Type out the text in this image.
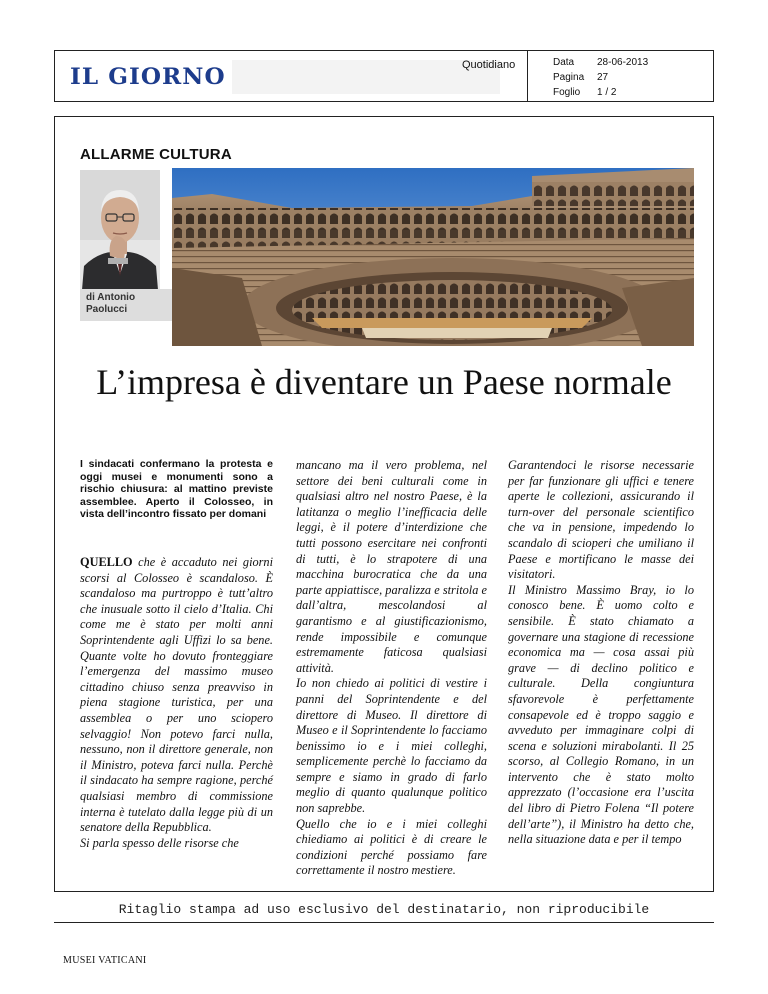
IL GIORNO	Quotidiano	Data 28-06-2013
Pagina 27
Foglio 1 / 2
ALLARME CULTURA
di Antonio Paolucci
L’impresa è diventare un Paese normale
I sindacati confermano la protesta e oggi musei e monumenti sono a rischio chiusura: al mattino previste assemblee. Aperto il Colosseo, in vista dell’incontro fissato per domani

QUELLO che è accaduto nei giorni scorsi al Colosseo è scandaloso. È scandaloso ma purtroppo è tutt’altro che inusuale sotto il cielo d’Italia. Chi come me è stato per molti anni Soprintendente agli Uffizi lo sa bene. Quante volte ho dovuto fronteggiare l’emergenza del massimo museo cittadino chiuso senza preavviso in piena stagione turistica, per una assemblea o per uno sciopero selvaggio! Non potevo farci nulla, nessuno, non il direttore generale, non il Ministro, poteva farci nulla. Perchè il sindacato ha sempre ragione, perché qualsiasi membro di commissione interna è tutelato dalla legge più di un senatore della Repubblica.

Si parla spesso delle risorse che

mancano ma il vero problema, nel settore dei beni culturali come in qualsiasi altro nel nostro Paese, è la latitanza o meglio l’inefficacia delle leggi, è il potere d’interdizione che tutti possono esercitare nei confronti di tutti, è lo strapotere di una macchina burocratica che da una parte appiattisce, paralizza e stritola e dall’altra, mescolandosi al garantismo e al giustificazionismo, rende impossibile e comunque estremamente faticosa qualsiasi attività.

Io non chiedo ai politici di vestire i panni del Soprintendente e del direttore di Museo. Il direttore di Museo e il Soprintendente lo facciamo benissimo io e i miei colleghi, semplicemente perchè lo facciamo da sempre e siamo in grado di farlo meglio di quanto qualunque politico non saprebbe.

Quello che io e i miei colleghi chiediamo ai politici è di creare le condizioni perché possiamo fare correttamente il nostro mestiere.

Garantendoci le risorse necessarie per far funzionare gli uffici e tenere aperte le collezioni, assicurando il turn-over del personale scientifico che va in pensione, impedendo lo scandalo di scioperi che umiliano il Paese e mortificano le masse dei visitatori.

Il Ministro Massimo Bray, io lo conosco bene. È uomo colto e sensibile. È stato chiamato a governare una stagione di recessione economica ma — cosa assai più grave — di declino politico e culturale. Della congiuntura sfavorevole è perfettamente consapevole ed è troppo saggio e avveduto per immaginare colpi di scena e soluzioni mirabolanti. Il 25 scorso, al Collegio Romano, in un intervento che è stato molto apprezzato (l’occasione era l’uscita del libro di Pietro Folena “Il potere dell’arte”), il Ministro ha detto che, nella situazione data e per il tempo

Ritaglio stampa ad uso esclusivo del destinatario, non riproducibile
MUSEI VATICANI
